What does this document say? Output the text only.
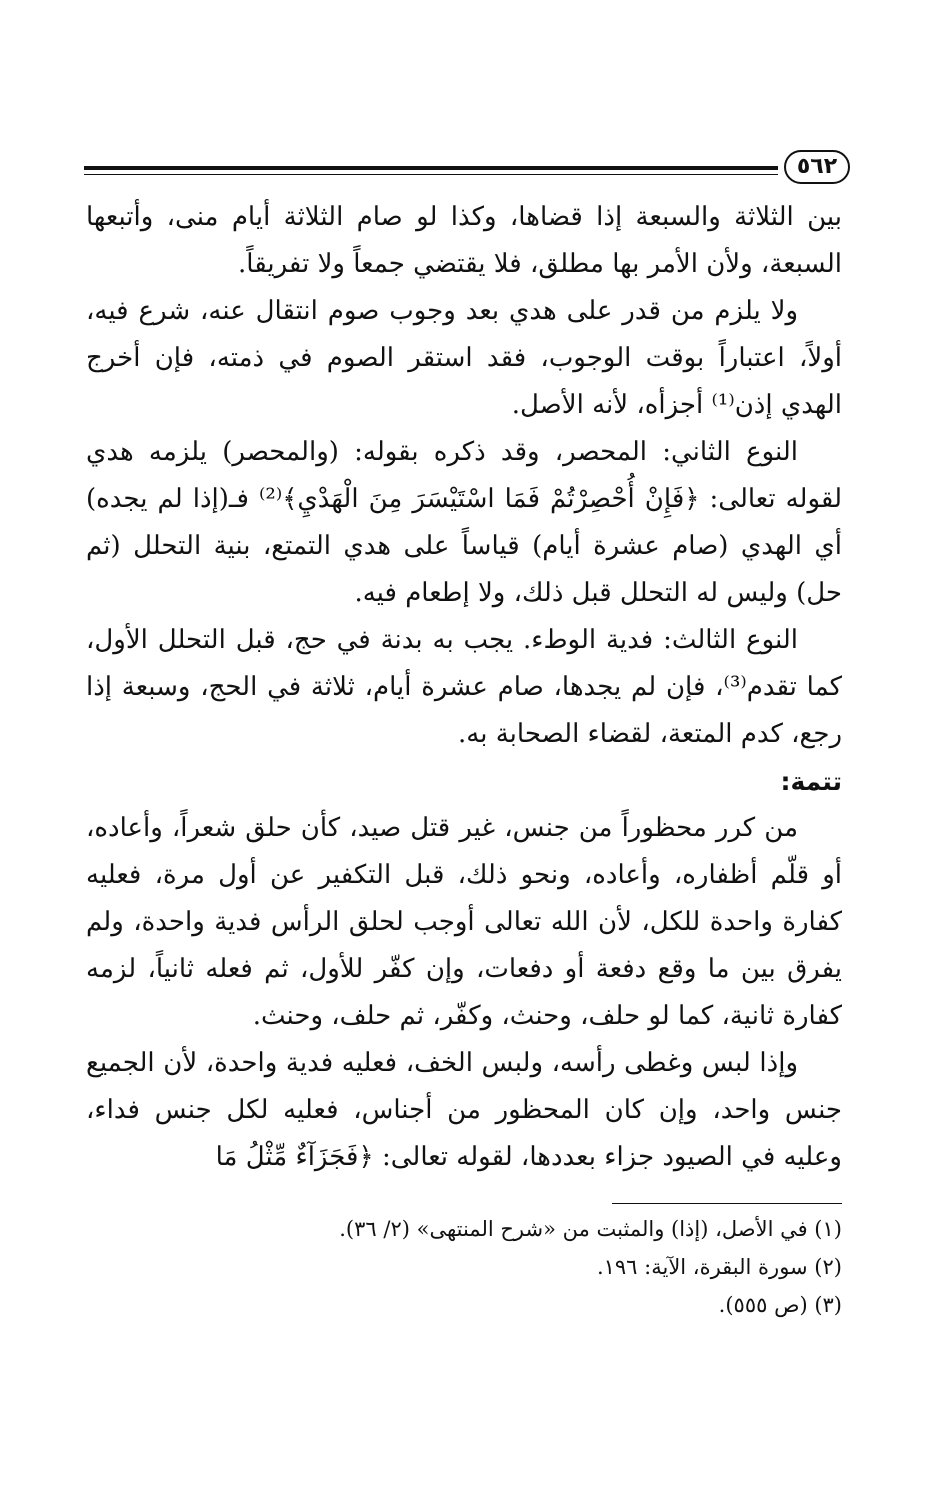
٥٦٢

بين الثلاثة والسبعة إذا قضاها، وكذا لو صام الثلاثة أيام منى، وأتبعها السبعة، ولأن الأمر بها مطلق، فلا يقتضي جمعاً ولا تفريقاً.

ولا يلزم من قدر على هدي بعد وجوب صوم انتقال عنه، شرع فيه، أولاً، اعتباراً بوقت الوجوب، فقد استقر الصوم في ذمته، فإن أخرج الهدي إذن⁽¹⁾ أجزأه، لأنه الأصل.

النوع الثاني: المحصر، وقد ذكره بقوله: (والمحصر) يلزمه هدي لقوله تعالى: ﴿فَإِنْ أُحْصِرْتُمْ فَمَا اسْتَيْسَرَ مِنَ الْهَدْيِ﴾⁽²⁾ فـ(إذا لم يجده) أي الهدي (صام عشرة أيام) قياساً على هدي التمتع، بنية التحلل (ثم حل) وليس له التحلل قبل ذلك، ولا إطعام فيه.

النوع الثالث: فدية الوطء. يجب به بدنة في حج، قبل التحلل الأول، كما تقدم⁽³⁾، فإن لم يجدها، صام عشرة أيام، ثلاثة في الحج، وسبعة إذا رجع، كدم المتعة، لقضاء الصحابة به.

تتمة:

من كرر محظوراً من جنس، غير قتل صيد، كأن حلق شعراً، وأعاده، أو قلّم أظفاره، وأعاده، ونحو ذلك، قبل التكفير عن أول مرة، فعليه كفارة واحدة للكل، لأن الله تعالى أوجب لحلق الرأس فدية واحدة، ولم يفرق بين ما وقع دفعة أو دفعات، وإن كفّر للأول، ثم فعله ثانياً، لزمه كفارة ثانية، كما لو حلف، وحنث، وكفّر، ثم حلف، وحنث.

وإذا لبس وغطى رأسه، ولبس الخف، فعليه فدية واحدة، لأن الجميع جنس واحد، وإن كان المحظور من أجناس، فعليه لكل جنس فداء، وعليه في الصيود جزاء بعددها، لقوله تعالى: ﴿فَجَزَآءٌ مِّثْلُ مَا

(١) في الأصل، (إذا) والمثبت من «شرح المنتهى» (٢/ ٣٦).

(٢) سورة البقرة، الآية: ١٩٦.

(٣) (ص ٥٥٥).
